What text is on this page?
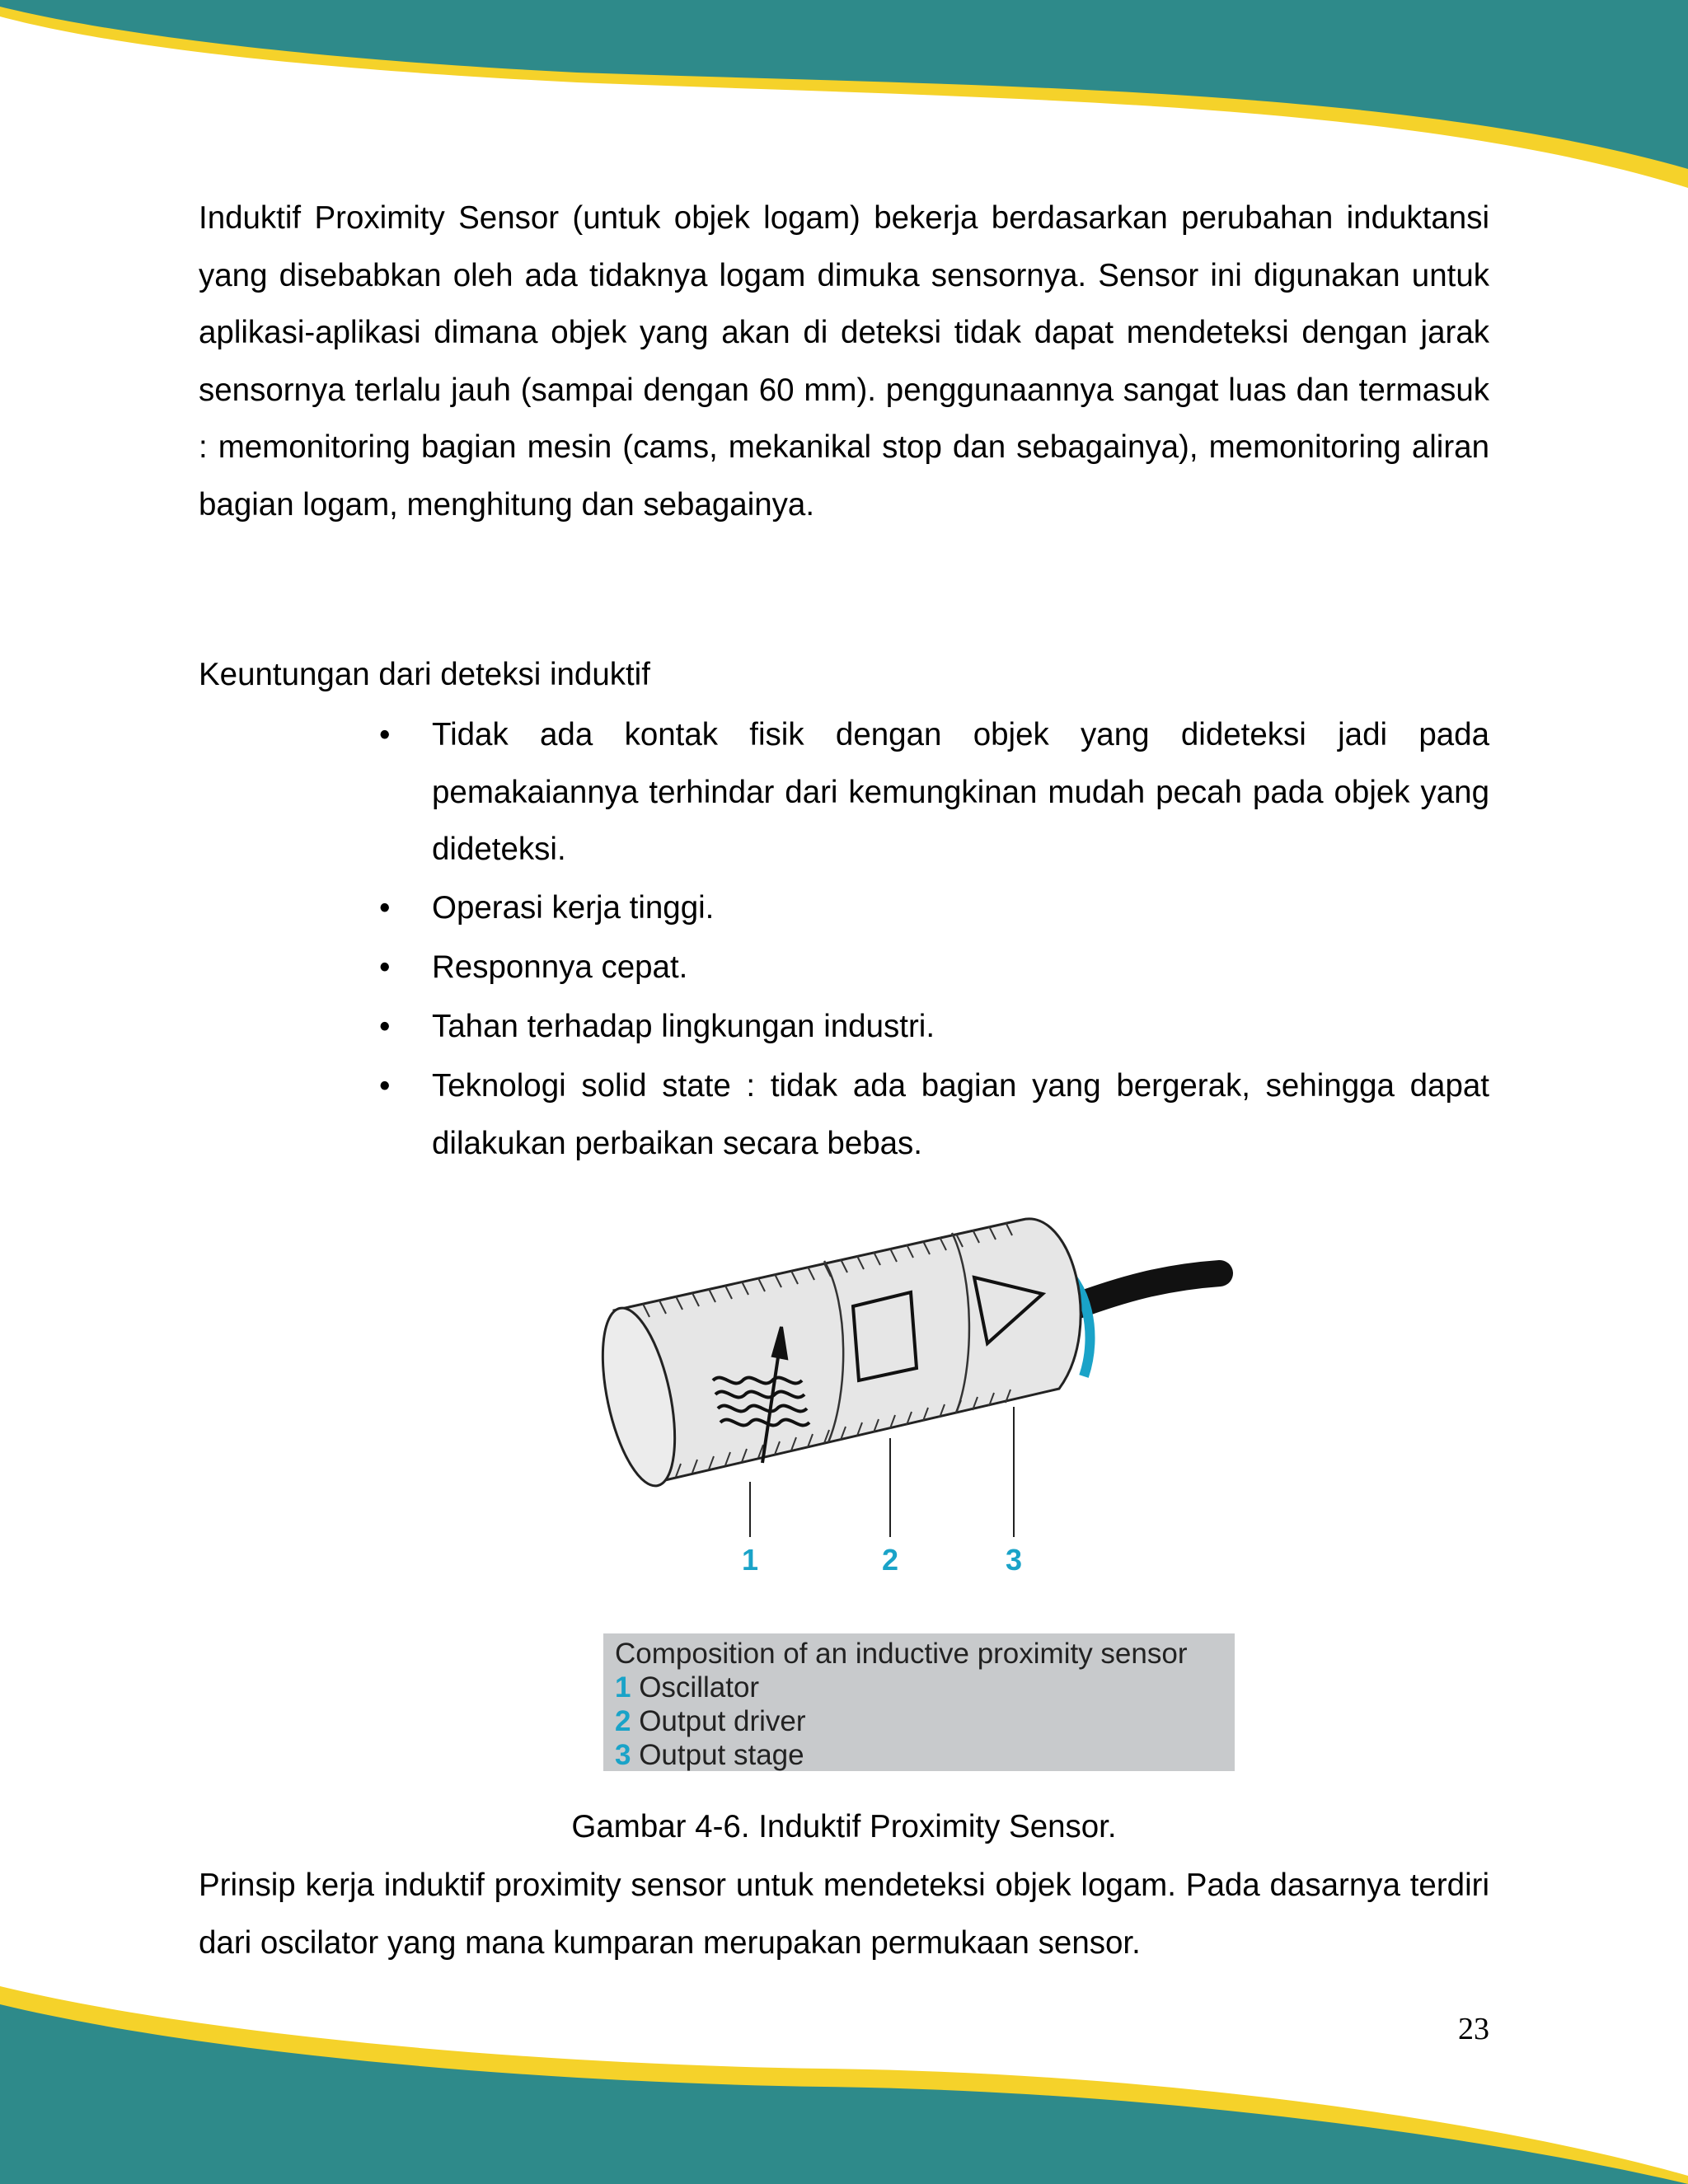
Induktif Proximity Sensor (untuk objek logam) bekerja berdasarkan perubahan induktansi yang disebabkan oleh ada tidaknya logam dimuka sensornya. Sensor ini digunakan untuk aplikasi-aplikasi dimana objek yang akan di deteksi tidak dapat mendeteksi dengan jarak sensornya terlalu jauh (sampai dengan 60 mm). penggunaannya sangat luas dan termasuk : memonitoring bagian mesin (cams, mekanikal stop dan sebagainya), memonitoring aliran bagian logam, menghitung dan sebagainya.

Keuntungan dari deteksi induktif

• Tidak ada kontak fisik dengan objek yang dideteksi jadi pada pemakaiannya terhindar dari kemungkinan mudah pecah pada objek yang dideteksi.
• Operasi kerja tinggi.
• Responnya cepat.
• Tahan terhadap lingkungan industri.
• Teknologi solid state : tidak ada bagian yang bergerak, sehingga dapat dilakukan perbaikan secara bebas.
1	2	3
Composition of an inductive proximity sensor
1 Oscillator
2 Output driver
3 Output stage

Gambar 4-6. Induktif Proximity Sensor.

Prinsip kerja induktif proximity sensor untuk mendeteksi objek logam. Pada dasarnya terdiri dari oscilator yang mana kumparan merupakan permukaan sensor.

23
